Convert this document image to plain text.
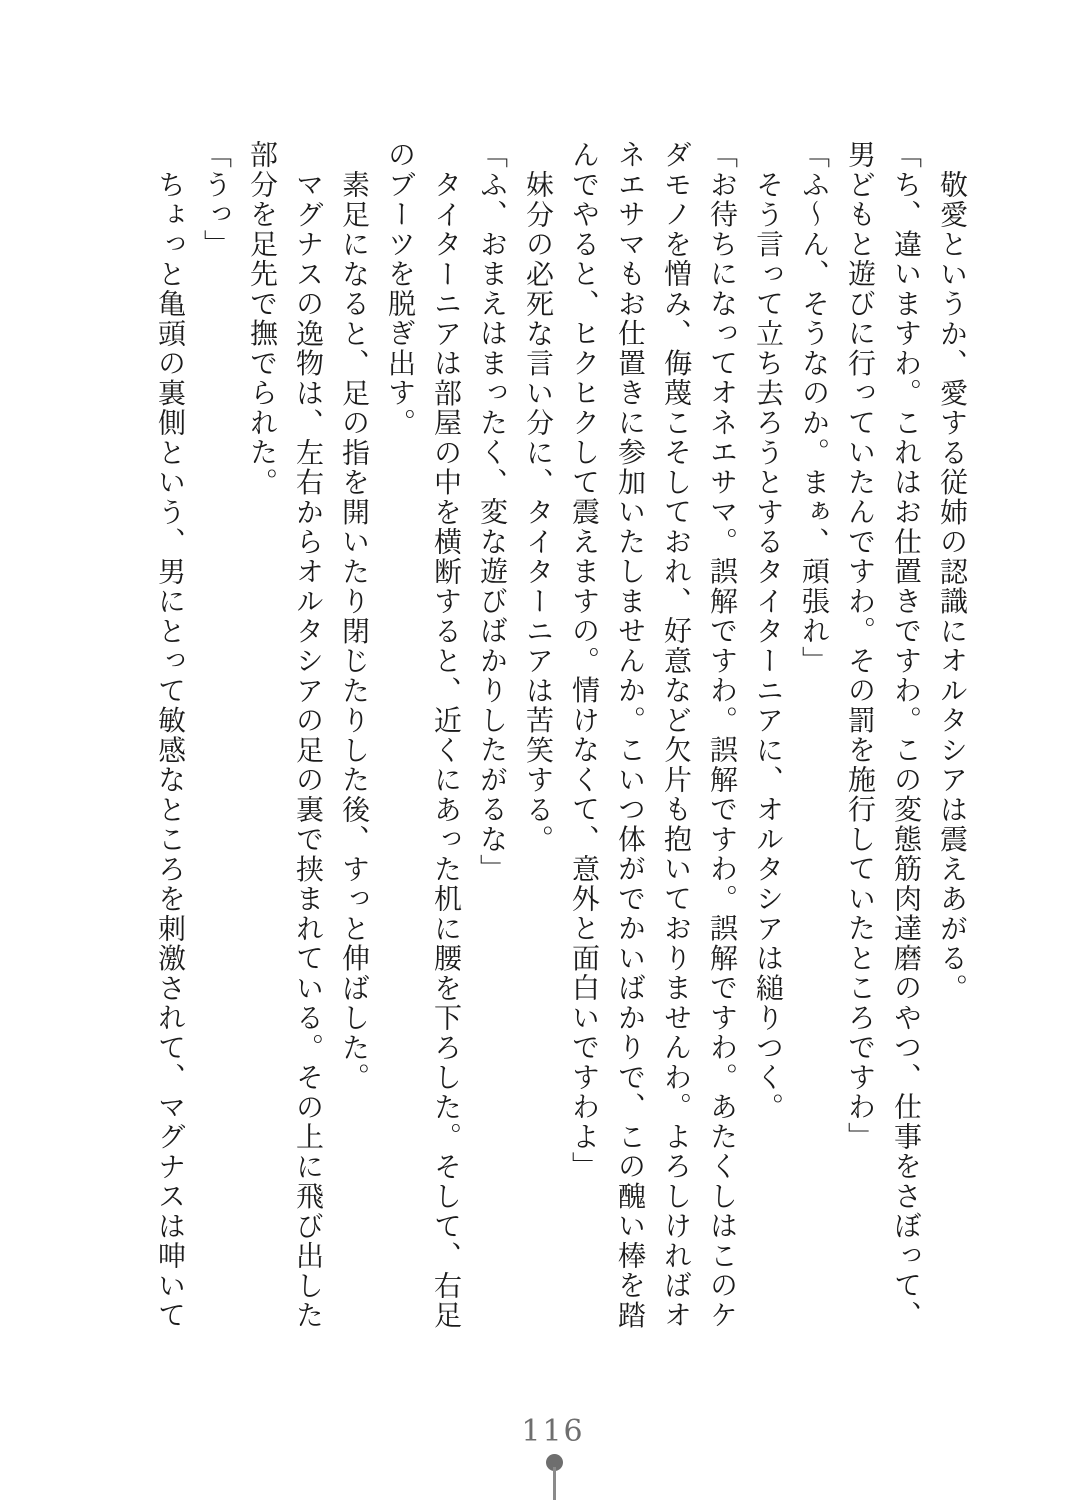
敬愛というか、愛する従姉の認識にオルタシアは震えあがる。

「ち、違いますわ。これはお仕置きですわ。この変態筋肉達磨のやつ、仕事をさぼって、男どもと遊びに行っていたんですわ。その罰を施行していたところですわ」

「ふ～ん、そうなのか。まぁ、頑張れ」

そう言って立ち去ろうとするタイターニアに、オルタシアは縋りつく。

「お待ちになってオネエサマ。誤解ですわ。誤解ですわ。誤解ですわ。あたくしはこのケダモノを憎み、侮蔑こそしておれ、好意など欠片も抱いておりませんわ。よろしければオネエサマもお仕置きに参加いたしませんか。こいつ体がでかいばかりで、この醜い棒を踏んでやると、ヒクヒクして震えますの。情けなくて、意外と面白いですわよ」

妹分の必死な言い分に、タイターニアは苦笑する。

「ふ、おまえはまったく、変な遊びばかりしたがるな」

タイターニアは部屋の中を横断すると、近くにあった机に腰を下ろした。そして、右足のブーツを脱ぎ出す。

素足になると、足の指を開いたり閉じたりした後、すっと伸ばした。

マグナスの逸物は、左右からオルタシアの足の裏で挟まれている。その上に飛び出した部分を足先で撫でられた。

「うっ」

ちょっと亀頭の裏側という、男にとって敏感なところを刺激されて、マグナスは呻いて

116
